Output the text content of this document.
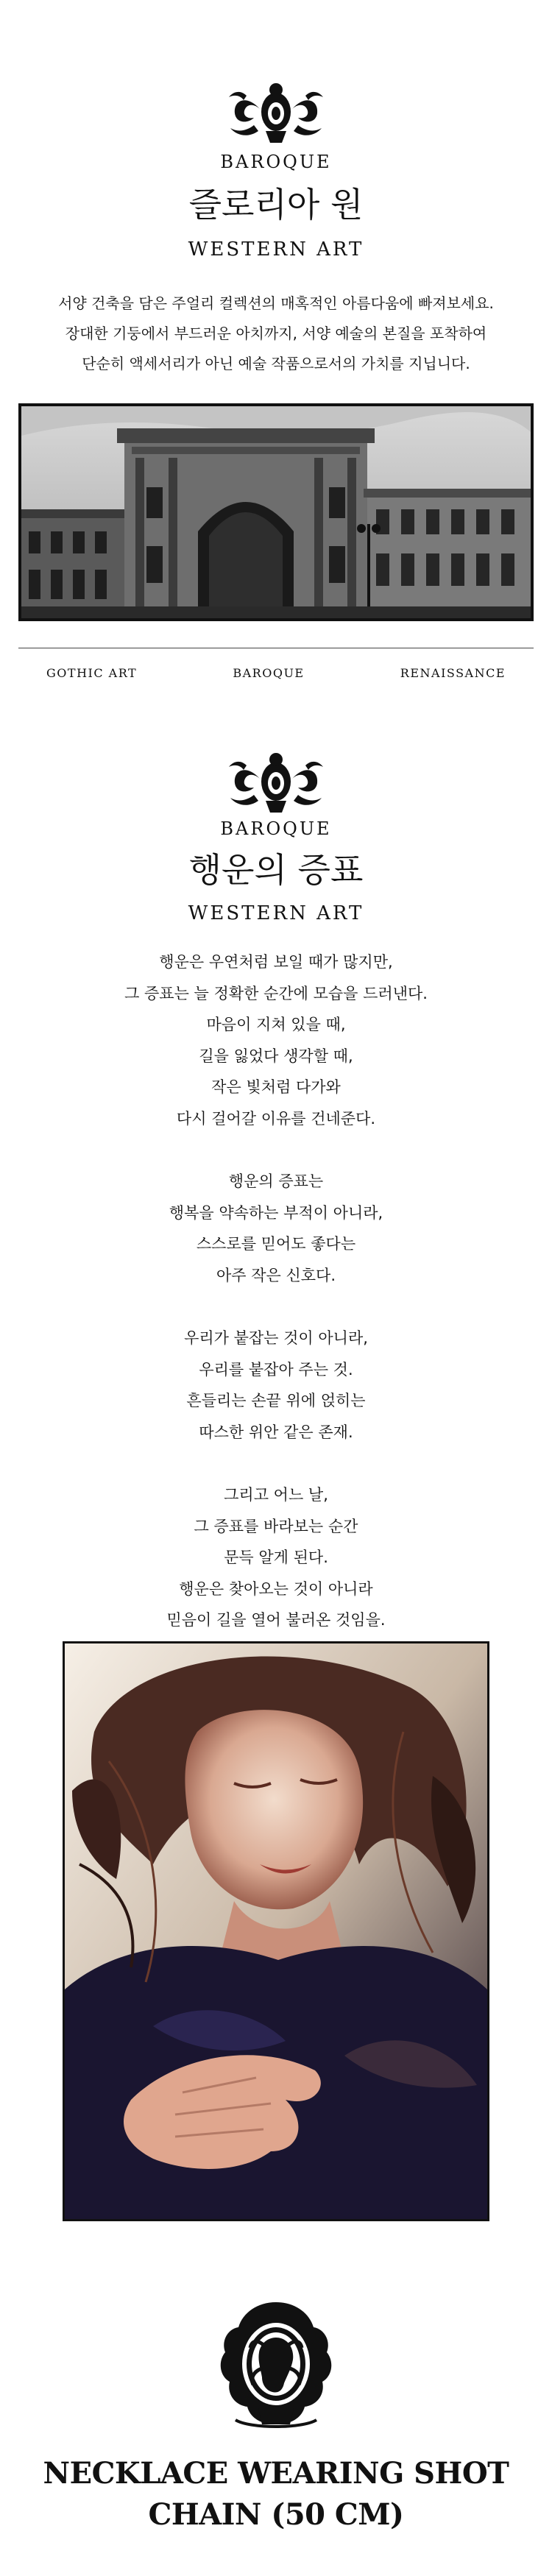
BAROQUE
즐로리아 원
WESTERN ART
서양 건축을 담은 주얼리 컬렉션의 매혹적인 아름다움에 빠져보세요.
장대한 기둥에서 부드러운 아치까지, 서양 예술의 본질을 포착하여
단순히 액세서리가 아닌 예술 작품으로서의 가치를 지닙니다.
GOTHIC ART	BAROQUE	RENAISSANCE
BAROQUE
행운의 증표
WESTERN ART
행운은 우연처럼 보일 때가 많지만,
그 증표는 늘 정확한 순간에 모습을 드러낸다.
마음이 지쳐 있을 때,
길을 잃었다 생각할 때,
작은 빛처럼 다가와
다시 걸어갈 이유를 건네준다.
행운의 증표는
행복을 약속하는 부적이 아니라,
스스로를 믿어도 좋다는
아주 작은 신호다.
우리가 붙잡는 것이 아니라,
우리를 붙잡아 주는 것.
흔들리는 손끝 위에 얹히는
따스한 위안 같은 존재.
그리고 어느 날,
그 증표를 바라보는 순간
문득 알게 된다.
행운은 찾아오는 것이 아니라
믿음이 길을 열어 불러온 것임을.
NECKLACE WEARING SHOT
CHAIN (50 CM)
